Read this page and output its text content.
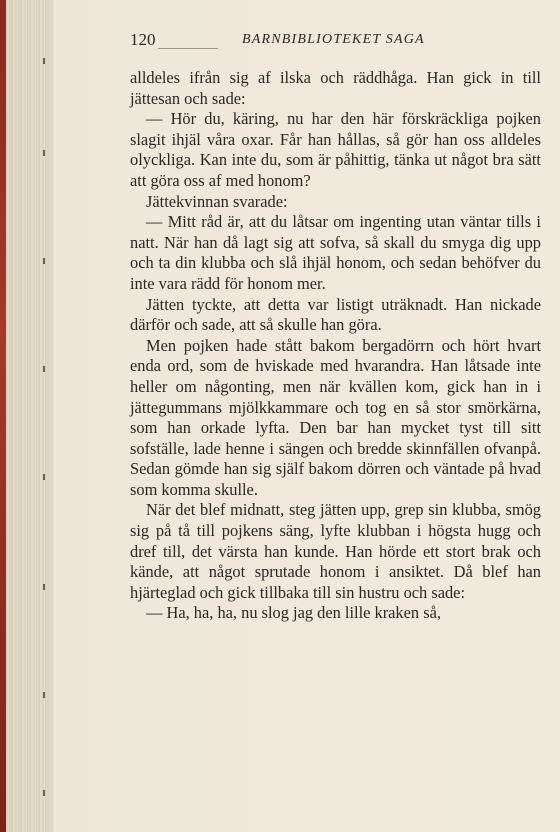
120	BARNBIBLIOTEKET SAGA

alldeles ifrån sig af ilska och räddhåga. Han gick in till jättesan och sade:

— Hör du, käring, nu har den här förskräckliga pojken slagit ihjäl våra oxar. Får han hållas, så gör han oss alldeles olyckliga. Kan inte du, som är påhittig, tänka ut något bra sätt att göra oss af med honom?

Jättekvinnan svarade:

— Mitt råd är, att du låtsar om ingenting utan väntar tills i natt. När han då lagt sig att sofva, så skall du smyga dig upp och ta din klubba och slå ihjäl honom, och sedan behöfver du inte vara rädd för honom mer.

Jätten tyckte, att detta var listigt uträknadt. Han nickade därför och sade, att så skulle han göra.

Men pojken hade stått bakom bergadörrn och hört hvart enda ord, som de hviskade med hvarandra. Han låtsade inte heller om någonting, men när kvällen kom, gick han in i jättegummans mjölkkammare och tog en så stor smörkärna, som han orkade lyfta. Den bar han mycket tyst till sitt sofställe, lade henne i sängen och bredde skinnfällen ofvanpå. Sedan gömde han sig själf bakom dörren och väntade på hvad som komma skulle.

När det blef midnatt, steg jätten upp, grep sin klubba, smög sig på tå till pojkens säng, lyfte klubban i högsta hugg och dref till, det värsta han kunde. Han hörde ett stort brak och kände, att något sprutade honom i ansiktet. Då blef han hjärteglad och gick tillbaka till sin hustru och sade:

— Ha, ha, ha, nu slog jag den lille kraken så,
